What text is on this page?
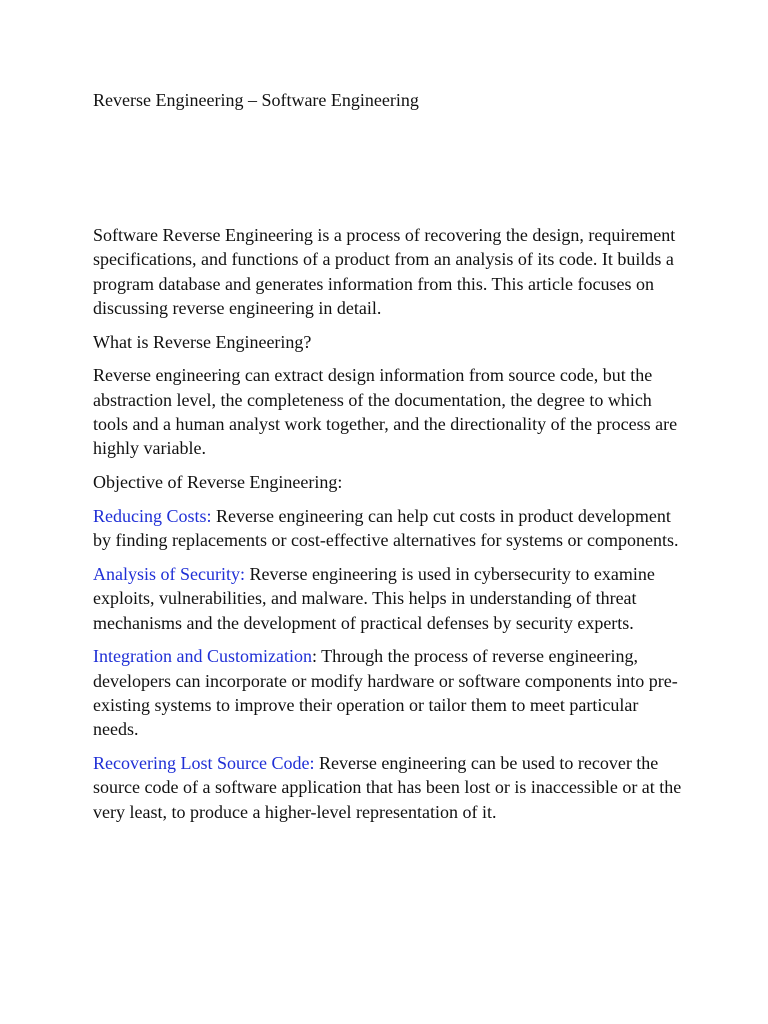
Reverse Engineering – Software Engineering

Software Reverse Engineering is a process of recovering the design, requirement specifications, and functions of a product from an analysis of its code. It builds a program database and generates information from this. This article focuses on discussing reverse engineering in detail.

What is Reverse Engineering?

Reverse engineering can extract design information from source code, but the abstraction level, the completeness of the documentation, the degree to which tools and a human analyst work together, and the directionality of the process are highly variable.

Objective of Reverse Engineering:

Reducing Costs: Reverse engineering can help cut costs in product development by finding replacements or cost-effective alternatives for systems or components.

Analysis of Security: Reverse engineering is used in cybersecurity to examine exploits, vulnerabilities, and malware. This helps in understanding of threat mechanisms and the development of practical defenses by security experts.

Integration and Customization: Through the process of reverse engineering, developers can incorporate or modify hardware or software components into pre-existing systems to improve their operation or tailor them to meet particular needs.

Recovering Lost Source Code: Reverse engineering can be used to recover the source code of a software application that has been lost or is inaccessible or at the very least, to produce a higher-level representation of it.
